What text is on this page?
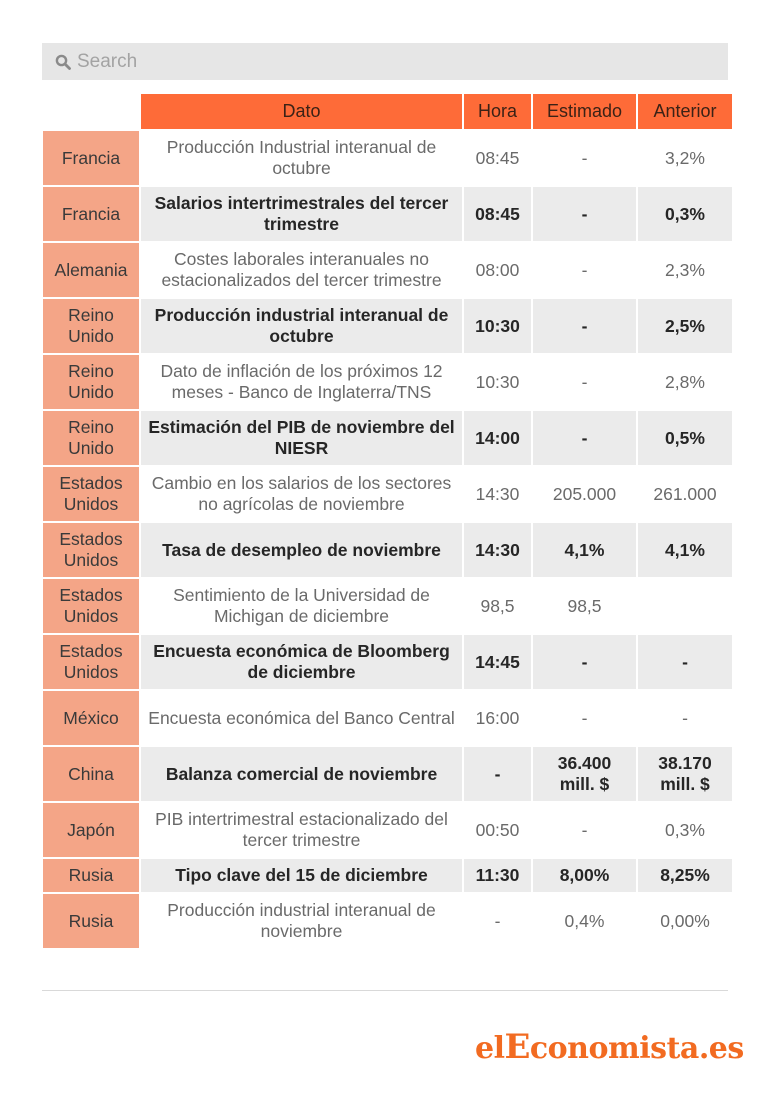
Search
	Dato	Hora	Estimado	Anterior
Francia	Producción Industrial interanual de octubre	08:45	-	3,2%
Francia	Salarios intertrimestrales del tercer trimestre	08:45	-	0,3%
Alemania	Costes laborales interanuales no estacionalizados del tercer trimestre	08:00	-	2,3%
Reino Unido	Producción industrial interanual de octubre	10:30	-	2,5%
Reino Unido	Dato de inflación de los próximos 12 meses - Banco de Inglaterra/TNS	10:30	-	2,8%
Reino Unido	Estimación del PIB de noviembre del NIESR	14:00	-	0,5%
Estados Unidos	Cambio en los salarios de los sectores no agrícolas de noviembre	14:30	205.000	261.000
Estados Unidos	Tasa de desempleo de noviembre	14:30	4,1%	4,1%
Estados Unidos	Sentimiento de la Universidad de Michigan de diciembre	98,5	98,5	
Estados Unidos	Encuesta económica de Bloomberg de diciembre	14:45	-	-
México	Encuesta económica del Banco Central	16:00	-	-
China	Balanza comercial de noviembre	-	36.400 mill. $	38.170 mill. $
Japón	PIB intertrimestral estacionalizado del tercer trimestre	00:50	-	0,3%
Rusia	Tipo clave del 15 de diciembre	11:30	8,00%	8,25%
Rusia	Producción industrial interanual de noviembre	-	0,4%	0,00%
elEconomista.es
